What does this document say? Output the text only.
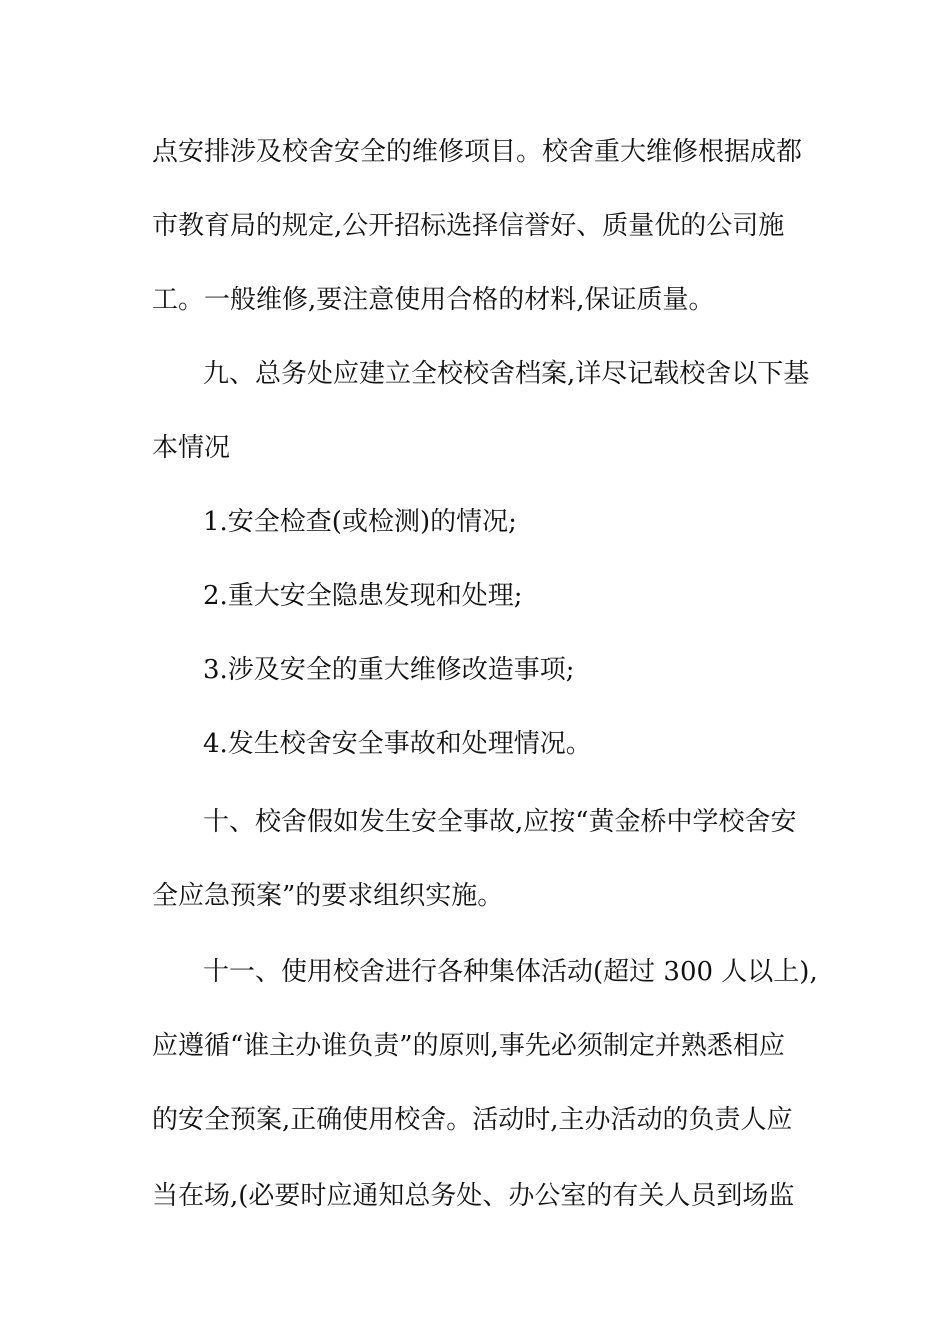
点安排涉及校舍安全的维修项目。校舍重大维修根据成都
市教育局的规定,公开招标选择信誉好、质量优的公司施
工。一般维修,要注意使用合格的材料,保证质量。
九、总务处应建立全校校舍档案,详尽记载校舍以下基
本情况
1.安全检查(或检测)的情况;
2.重大安全隐患发现和处理;
3.涉及安全的重大维修改造事项;
4.发生校舍安全事故和处理情况。
十、校舍假如发生安全事故,应按“黄金桥中学校舍安
全应急预案”的要求组织实施。
十一、使用校舍进行各种集体活动(超过 300 人以上),
应遵循“谁主办谁负责”的原则,事先必须制定并熟悉相应
的安全预案,正确使用校舍。活动时,主办活动的负责人应
当在场,(必要时应通知总务处、办公室的有关人员到场监
